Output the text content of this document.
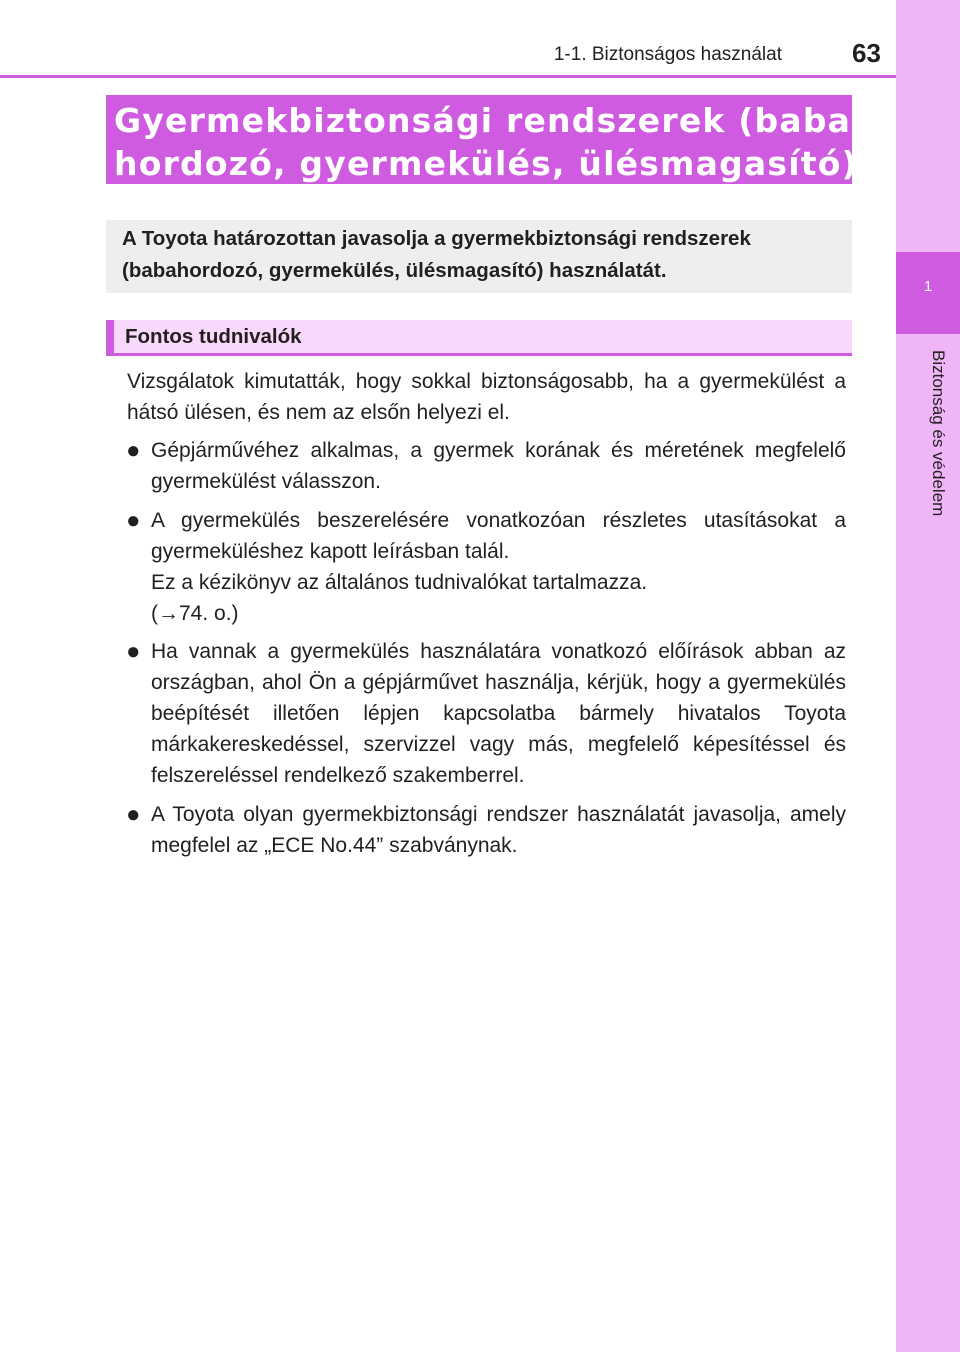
1
Biztonság és védelem
1-1. Biztonságos használat	63
Gyermekbiztonsági rendszerek (baba-
hordozó, gyermekülés, ülésmagasító)
A Toyota határozottan javasolja a gyermekbiztonsági rendszerek (babahordozó, gyermekülés, ülésmagasító) használatát.
Fontos tudnivalók
Vizsgálatok kimutatták, hogy sokkal biztonságosabb, ha a gyermekülést a hátsó ülésen, és nem az elsőn helyezi el.
● Gépjárművéhez alkalmas, a gyermek korának és méretének megfelelő gyermekülést válasszon.
● A gyermekülés beszerelésére vonatkozóan részletes utasításokat a gyermeküléshez kapott leírásban talál.
Ez a kézikönyv az általános tudnivalókat tartalmazza.
(→74. o.)
● Ha vannak a gyermekülés használatára vonatkozó előírások abban az országban, ahol Ön a gépjárművet használja, kérjük, hogy a gyermekülés beépítését illetően lépjen kapcsolatba bármely hivatalos Toyota márkakereskedéssel, szervizzel vagy más, megfelelő képesítéssel és felszereléssel rendelkező szakemberrel.
● A Toyota olyan gyermekbiztonsági rendszer használatát javasolja, amely megfelel az „ECE No.44” szabványnak.
